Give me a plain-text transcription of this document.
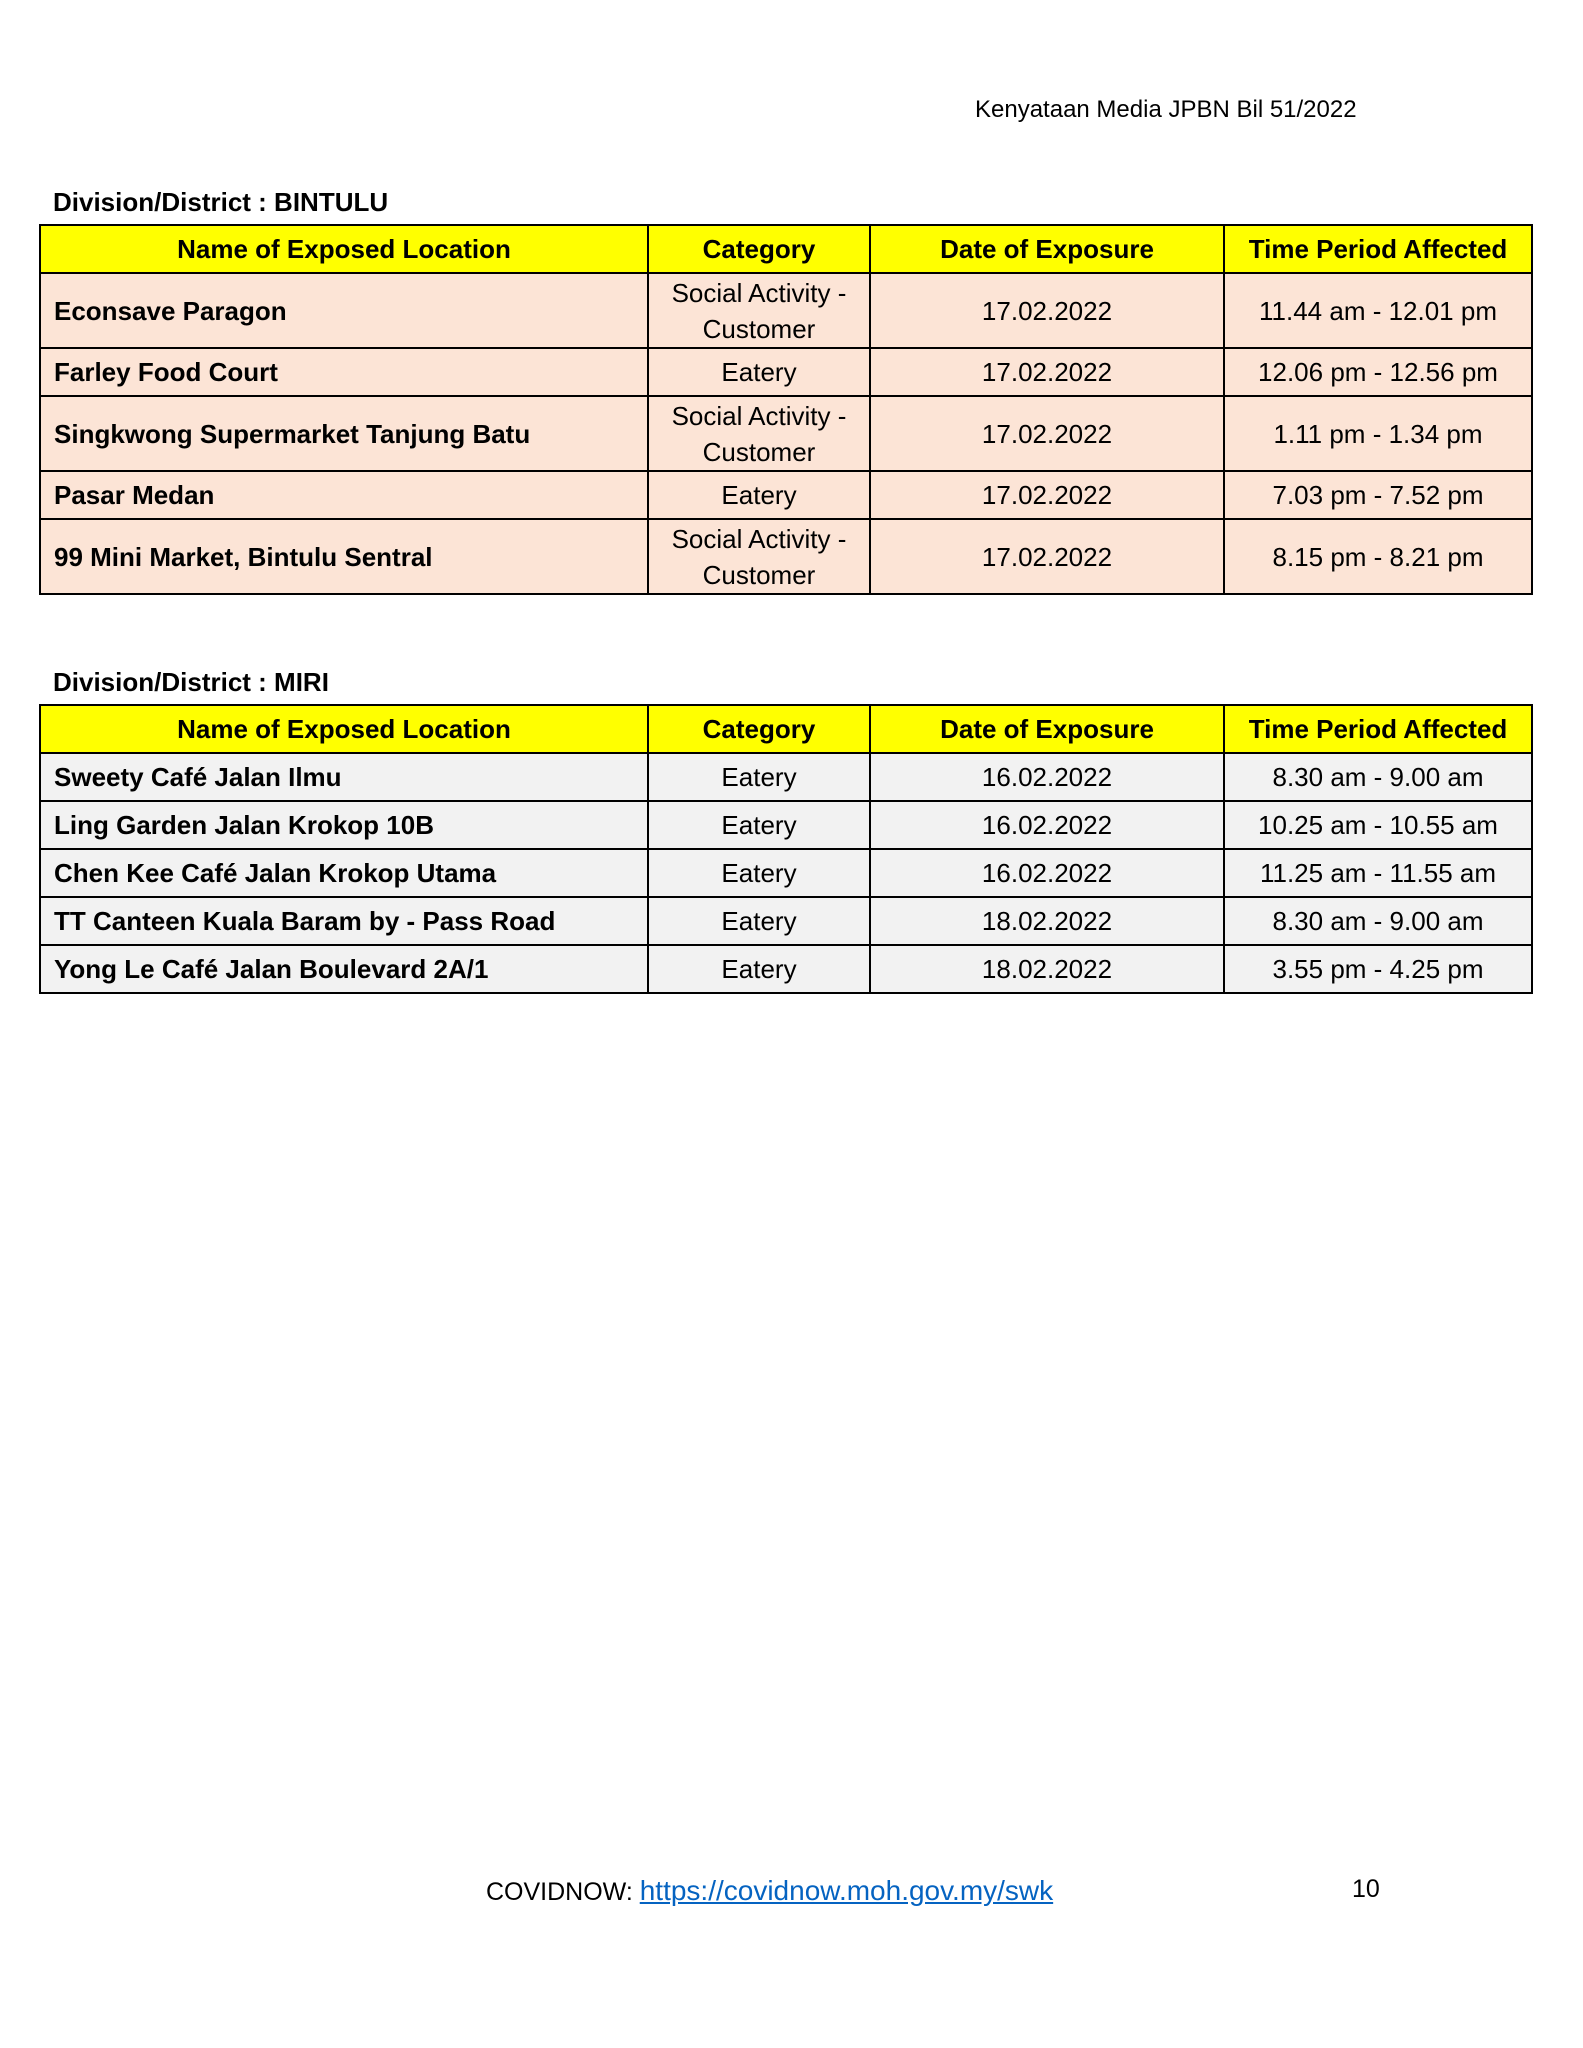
Kenyataan Media JPBN Bil 51/2022
Division/District : BINTULU
Name of Exposed Location	Category	Date of Exposure	Time Period Affected
Econsave Paragon	Social Activity - Customer	17.02.2022	11.44 am - 12.01 pm
Farley Food Court	Eatery	17.02.2022	12.06 pm - 12.56 pm
Singkwong Supermarket Tanjung Batu	Social Activity - Customer	17.02.2022	1.11 pm - 1.34 pm
Pasar Medan	Eatery	17.02.2022	7.03 pm - 7.52 pm
99 Mini Market, Bintulu Sentral	Social Activity - Customer	17.02.2022	8.15 pm - 8.21 pm
Division/District : MIRI
Name of Exposed Location	Category	Date of Exposure	Time Period Affected
Sweety Café Jalan Ilmu	Eatery	16.02.2022	8.30 am - 9.00 am
Ling Garden Jalan Krokop 10B	Eatery	16.02.2022	10.25 am - 10.55 am
Chen Kee Café Jalan Krokop Utama	Eatery	16.02.2022	11.25 am - 11.55 am
TT Canteen Kuala Baram by - Pass Road	Eatery	18.02.2022	8.30 am - 9.00 am
Yong Le Café Jalan Boulevard 2A/1	Eatery	18.02.2022	3.55 pm - 4.25 pm
COVIDNOW: https://covidnow.moh.gov.my/swk	10
